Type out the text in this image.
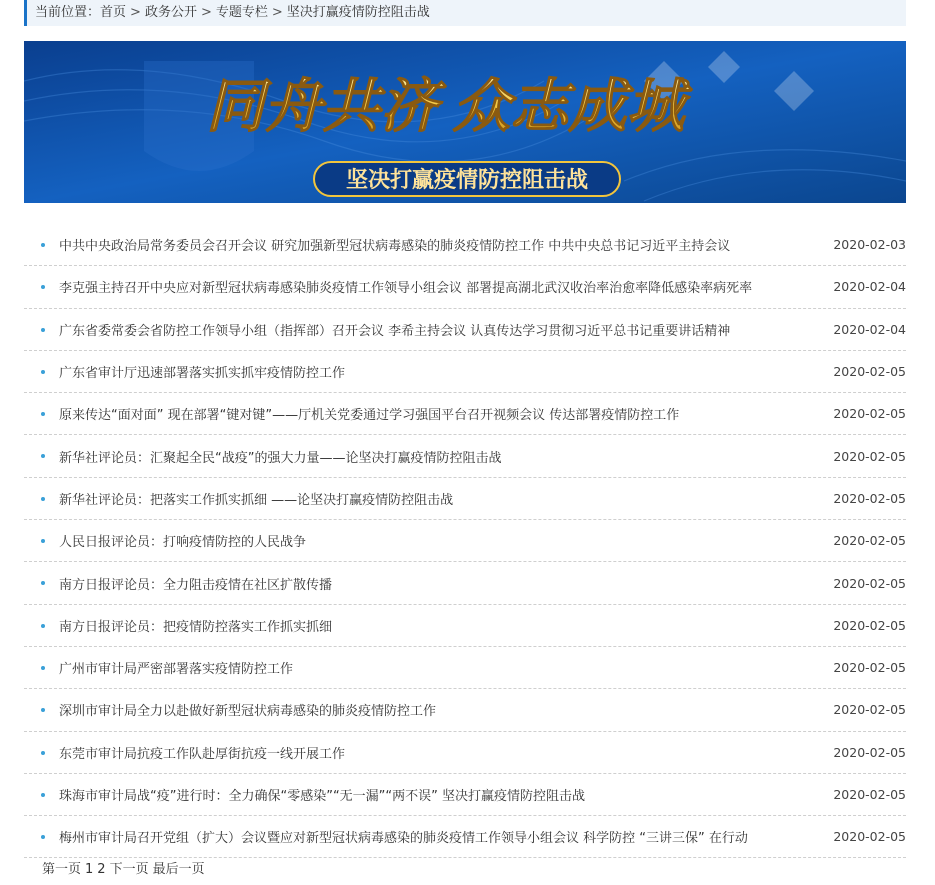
当前位置：首页 > 政务公开 > 专题专栏 > 坚决打赢疫情防控阻击战
同舟共济 众志成城
坚决打赢疫情防控阻击战
中共中央政治局常务委员会召开会议 研究加强新型冠状病毒感染的肺炎疫情防控工作 中共中央总书记习近平主持会议	2020-02-03
李克强主持召开中央应对新型冠状病毒感染肺炎疫情工作领导小组会议 部署提高湖北武汉收治率治愈率降低感染率病死率	2020-02-04
广东省委常委会省防控工作领导小组（指挥部）召开会议 李希主持会议 认真传达学习贯彻习近平总书记重要讲话精神	2020-02-04
广东省审计厅迅速部署落实抓实抓牢疫情防控工作	2020-02-05
原来传达“面对面” 现在部署“键对键”——厅机关党委通过学习强国平台召开视频会议 传达部署疫情防控工作	2020-02-05
新华社评论员：汇聚起全民“战疫”的强大力量——论坚决打赢疫情防控阻击战	2020-02-05
新华社评论员：把落实工作抓实抓细 ——论坚决打赢疫情防控阻击战	2020-02-05
人民日报评论员：打响疫情防控的人民战争	2020-02-05
南方日报评论员：全力阻击疫情在社区扩散传播	2020-02-05
南方日报评论员：把疫情防控落实工作抓实抓细	2020-02-05
广州市审计局严密部署落实疫情防控工作	2020-02-05
深圳市审计局全力以赴做好新型冠状病毒感染的肺炎疫情防控工作	2020-02-05
东莞市审计局抗疫工作队赴厚街抗疫一线开展工作	2020-02-05
珠海市审计局战“疫”进行时：全力确保“零感染”“无一漏”“两不误” 坚决打赢疫情防控阻击战	2020-02-05
梅州市审计局召开党组（扩大）会议暨应对新型冠状病毒感染的肺炎疫情工作领导小组会议 科学防控 “三讲三保” 在行动	2020-02-05
第一页 1 2 下一页 最后一页
